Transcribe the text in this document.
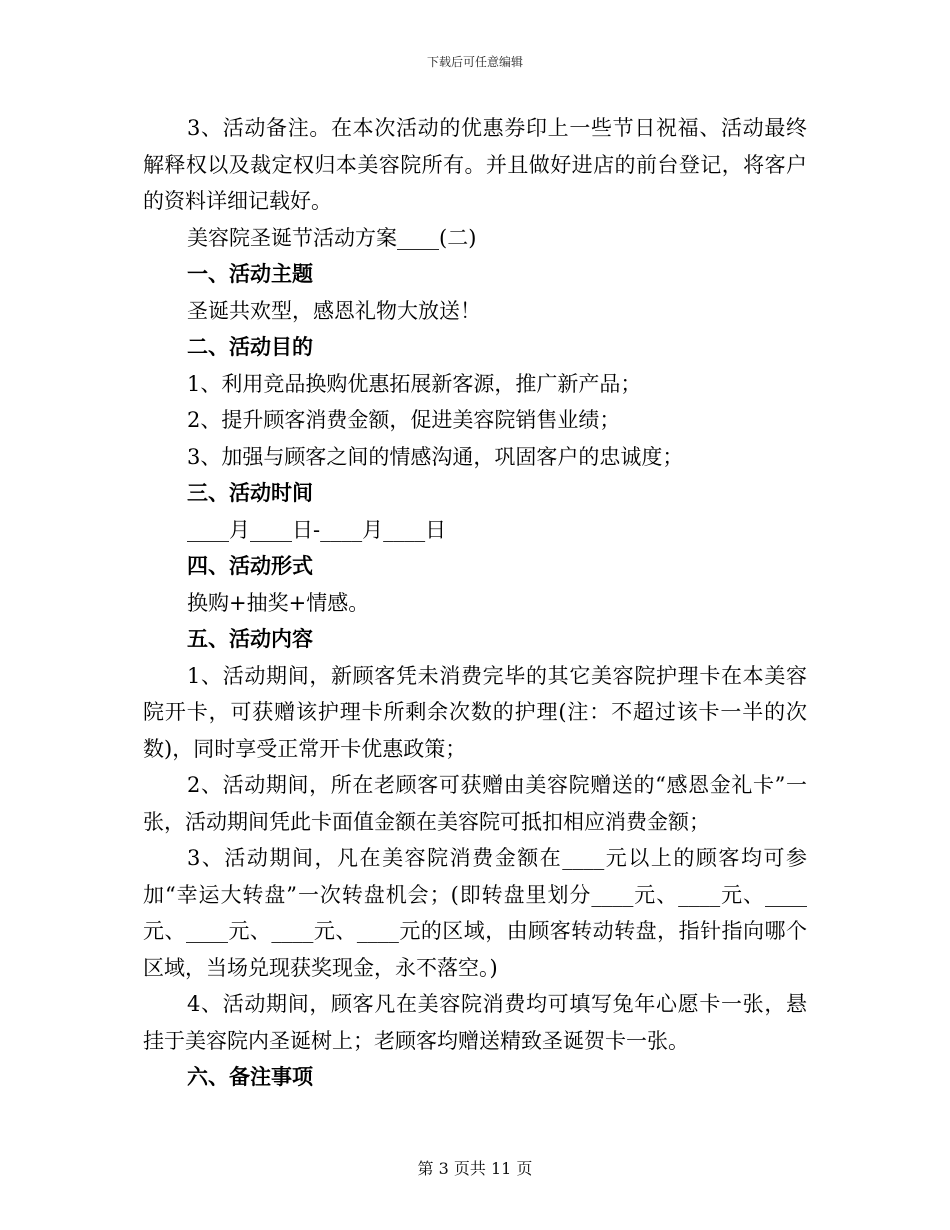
下载后可任意编辑

3、活动备注。在本次活动的优惠券印上一些节日祝福、活动最终解释权以及裁定权归本美容院所有。并且做好进店的前台登记，将客户的资料详细记载好。

美容院圣诞节活动方案____(二)

一、活动主题

圣诞共欢型，感恩礼物大放送！

二、活动目的

1、利用竞品换购优惠拓展新客源，推广新产品；

2、提升顾客消费金额，促进美容院销售业绩；

3、加强与顾客之间的情感沟通，巩固客户的忠诚度；

三、活动时间

____月____日-____月____日

四、活动形式

换购+抽奖+情感。

五、活动内容

1、活动期间，新顾客凭未消费完毕的其它美容院护理卡在本美容院开卡，可获赠该护理卡所剩余次数的护理(注：不超过该卡一半的次数)，同时享受正常开卡优惠政策；

2、活动期间，所在老顾客可获赠由美容院赠送的“感恩金礼卡”一张，活动期间凭此卡面值金额在美容院可抵扣相应消费金额；

3、活动期间，凡在美容院消费金额在____元以上的顾客均可参加“幸运大转盘”一次转盘机会；(即转盘里划分____元、____元、____元、____元、____元、____元的区域，由顾客转动转盘，指针指向哪个区域，当场兑现获奖现金，永不落空。)

4、活动期间，顾客凡在美容院消费均可填写兔年心愿卡一张，悬挂于美容院内圣诞树上；老顾客均赠送精致圣诞贺卡一张。

六、备注事项

第 3 页共 11 页
